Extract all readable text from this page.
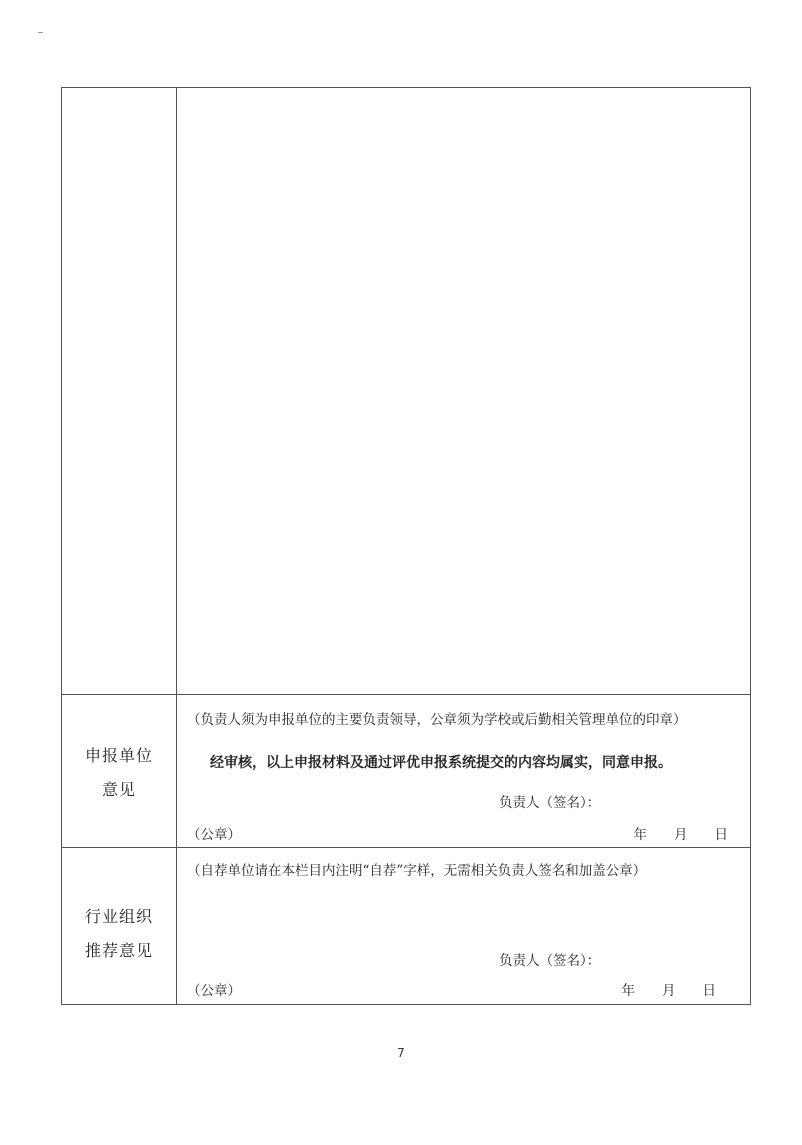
申报单位
意见
（负责人须为申报单位的主要负责领导，公章须为学校或后勤相关管理单位的印章）
经审核，以上申报材料及通过评优申报系统提交的内容均属实，同意申报。
负责人（签名）：
（公章）	年　　月　　日
行业组织
推荐意见
（自荐单位请在本栏目内注明“自荐”字样，无需相关负责人签名和加盖公章）
负责人（签名）：
（公章）	年　　月　　日
7
